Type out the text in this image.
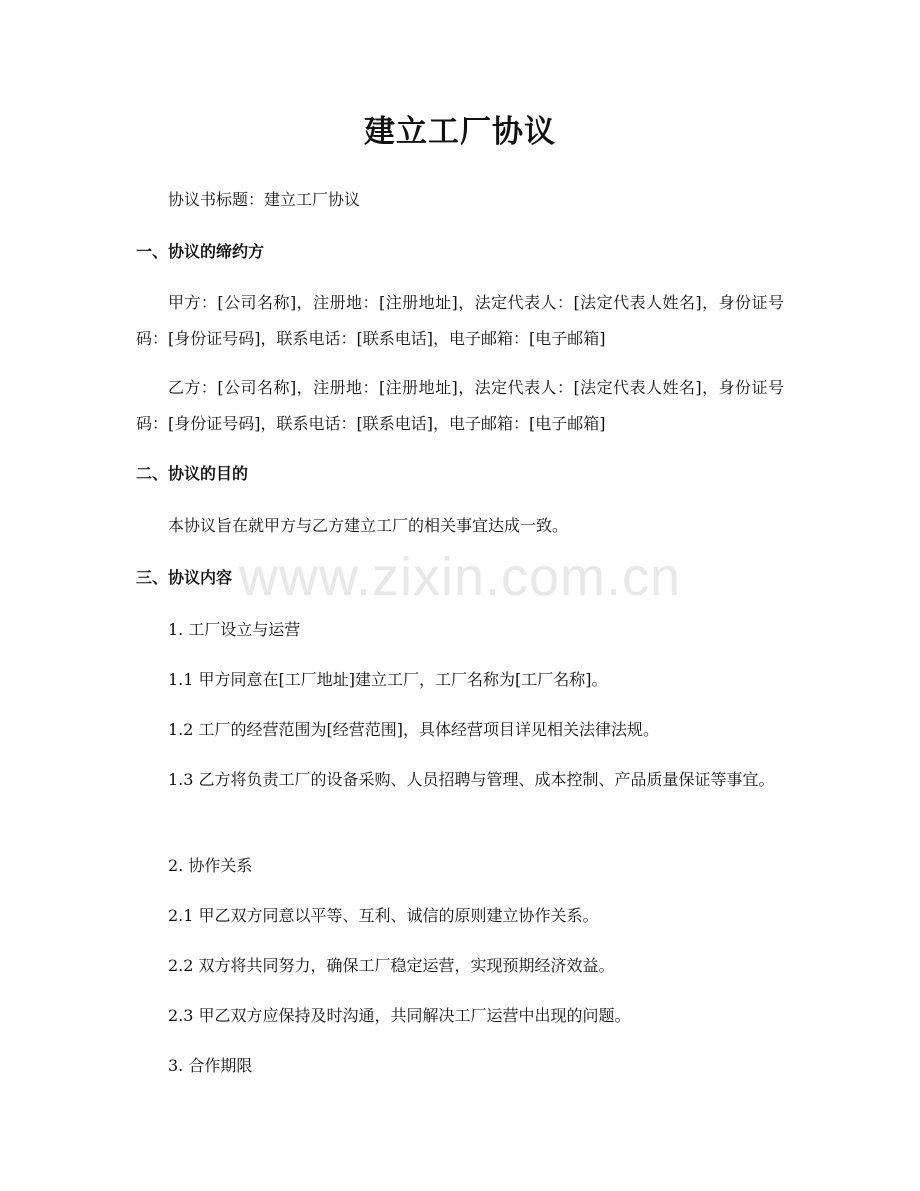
建立工厂协议
协议书标题：建立工厂协议
一、协议的缔约方

甲方：[公司名称]，注册地：[注册地址]，法定代表人：[法定代表人姓名]，身份证号码：[身份证号码]，联系电话：[联系电话]，电子邮箱：[电子邮箱]

乙方：[公司名称]，注册地：[注册地址]，法定代表人：[法定代表人姓名]，身份证号码：[身份证号码]，联系电话：[联系电话]，电子邮箱：[电子邮箱]

二、协议的目的
本协议旨在就甲方与乙方建立工厂的相关事宜达成一致。
三、协议内容
1. 工厂设立与运营
1.1 甲方同意在[工厂地址]建立工厂，工厂名称为[工厂名称]。
1.2 工厂的经营范围为[经营范围]，具体经营项目详见相关法律法规。

1.3 乙方将负责工厂的设备采购、人员招聘与管理、成本控制、产品质量保证等事宜。

2. 协作关系
2.1 甲乙双方同意以平等、互利、诚信的原则建立协作关系。
2.2 双方将共同努力，确保工厂稳定运营，实现预期经济效益。
2.3 甲乙双方应保持及时沟通，共同解决工厂运营中出现的问题。
3. 合作期限
www.zixin.com.cn
